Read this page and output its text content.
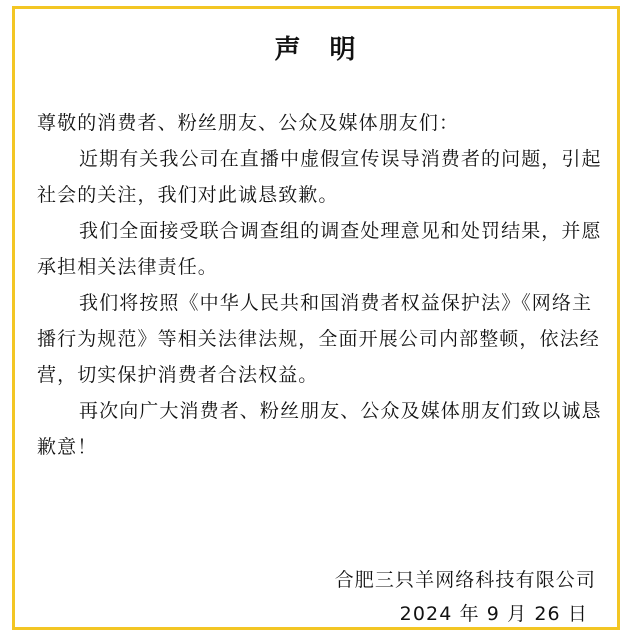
声 明

尊敬的消费者、粉丝朋友、公众及媒体朋友们：

近期有关我公司在直播中虚假宣传误导消费者的问题，引起社会的关注，我们对此诚恳致歉。

我们全面接受联合调查组的调查处理意见和处罚结果，并愿承担相关法律责任。

我们将按照《中华人民共和国消费者权益保护法》《网络主播行为规范》等相关法律法规，全面开展公司内部整顿，依法经营，切实保护消费者合法权益。

再次向广大消费者、粉丝朋友、公众及媒体朋友们致以诚恳歉意！

合肥三只羊网络科技有限公司
2024 年 9 月 26 日
